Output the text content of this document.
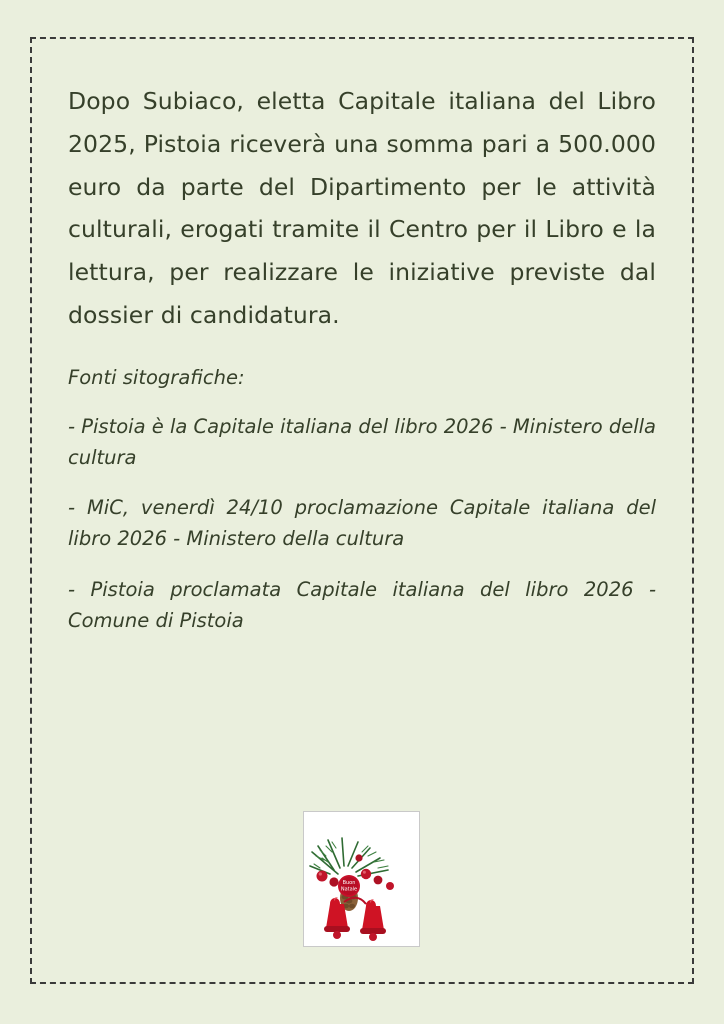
Dopo Subiaco, eletta Capitale italiana del Libro 2025, Pistoia riceverà una somma pari a 500.000 euro da parte del Dipartimento per le attività culturali, erogati tramite il Centro per il Libro e la lettura, per realizzare le iniziative previste dal dossier di candidatura.

Fonti sitografiche:

- Pistoia è la Capitale italiana del libro 2026 - Ministero della cultura

- MiC, venerdì 24/10 proclamazione Capitale italiana del libro 2026 - Ministero della cultura

- Pistoia proclamata Capitale italiana del libro 2026 - Comune di Pistoia

Buon
Natale
